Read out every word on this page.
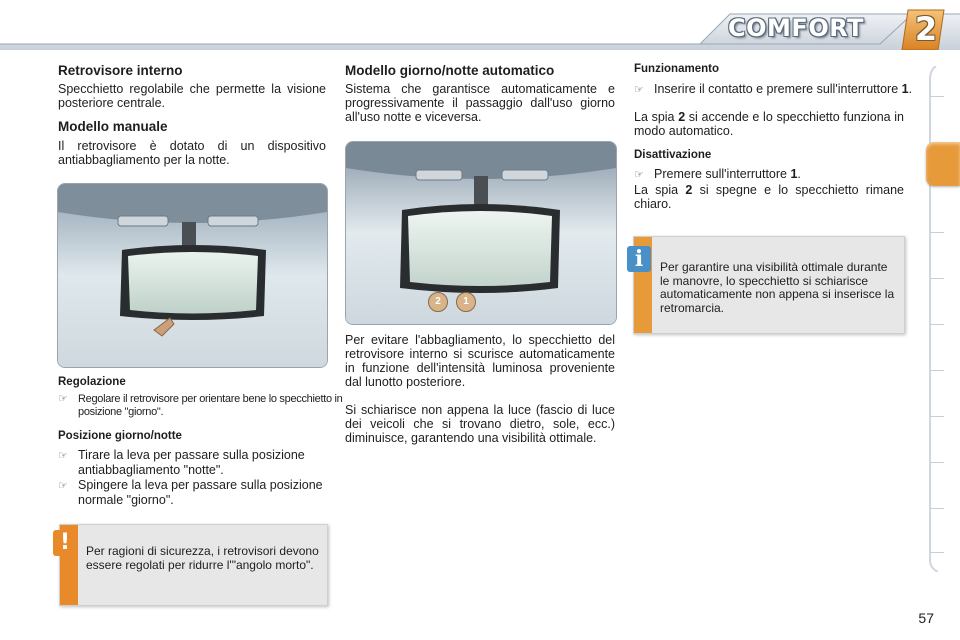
COMFORT 2
Retrovisore interno

Specchietto regolabile che permette la visione posteriore centrale.

Modello manuale

Il retrovisore è dotato di un dispositivo antiabbagliamento per la notte.

Regolazione
☞ Regolare il retrovisore per orientare bene lo specchietto in posizione "giorno".
Posizione giorno/notte
☞ Tirare la leva per passare sulla posizione antiabbagliamento "notte".
☞ Spingere la leva per passare sulla posizione normale "giorno".
Per ragioni di sicurezza, i retrovisori devono essere regolati per ridurre l'"angolo morto".
!
Modello giorno/notte automatico

Sistema che garantisce automaticamente e progressivamente il passaggio dall'uso giorno all'uso notte e viceversa.

2	1

Per evitare l'abbagliamento, lo specchietto del retrovisore interno si scurisce automaticamente in funzione dell'intensità luminosa proveniente dal lunotto posteriore.

Si schiarisce non appena la luce (fascio di luce dei veicoli che si trovano dietro, sole, ecc.) diminuisce, garantendo una visibilità ottimale.

Funzionamento
☞ Inserire il contatto e premere sull'interruttore 1.

La spia 2 si accende e lo specchietto funziona in modo automatico.

Disattivazione
☞ Premere sull'interruttore 1.

La spia 2 si spegne e lo specchietto rimane chiaro.

Per garantire una visibilità ottimale durante le manovre, lo specchietto si schiarisce automaticamente non appena si inserisce la retromarcia.
i
57
